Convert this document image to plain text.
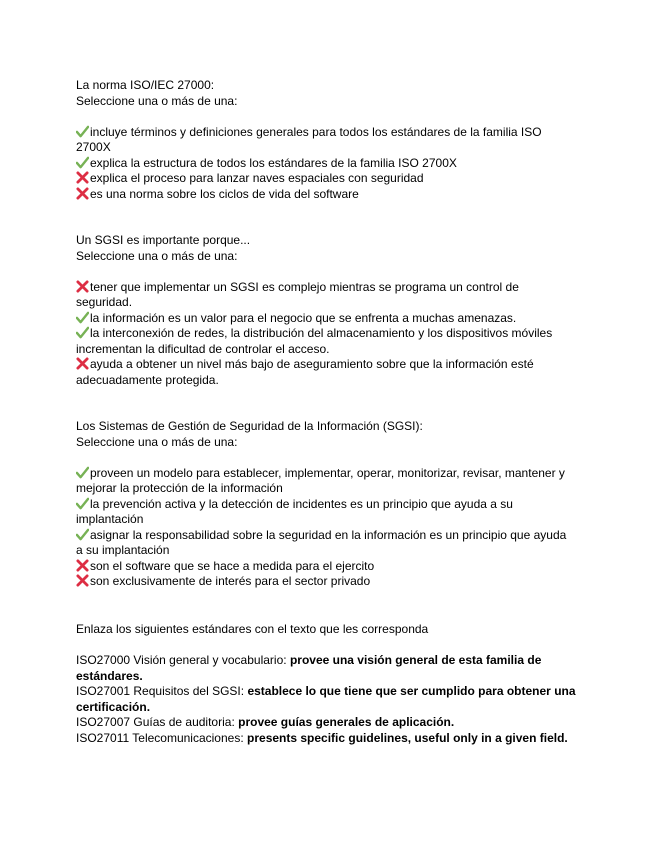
La norma ISO/IEC 27000:
Seleccione una o más de una:
incluye términos y definiciones generales para todos los estándares de la familia ISO 2700X
explica la estructura de todos los estándares de la familia ISO 2700X
explica el proceso para lanzar naves espaciales con seguridad
es una norma sobre los ciclos de vida del software
Un SGSI es importante porque...
Seleccione una o más de una:
tener que implementar un SGSI es complejo mientras se programa un control de seguridad.
la información es un valor para el negocio que se enfrenta a muchas amenazas.
la interconexión de redes, la distribución del almacenamiento y los dispositivos móviles incrementan la dificultad de controlar el acceso.
ayuda a obtener un nivel más bajo de aseguramiento sobre que la información esté adecuadamente protegida.
Los Sistemas de Gestión de Seguridad de la Información (SGSI):
Seleccione una o más de una:
proveen un modelo para establecer, implementar, operar, monitorizar, revisar, mantener y mejorar la protección de la información
la prevención activa y la detección de incidentes es un principio que ayuda a su implantación
asignar la responsabilidad sobre la seguridad en la información es un principio que ayuda a su implantación
son el software que se hace a medida para el ejercito
son exclusivamente de interés para el sector privado
Enlaza los siguientes estándares con el texto que les corresponda
ISO27000 Visión general y vocabulario: provee una visión general de esta familia de estándares.
ISO27001 Requisitos del SGSI: establece lo que tiene que ser cumplido para obtener una certificación.
ISO27007 Guías de auditoria: provee guías generales de aplicación.
ISO27011 Telecomunicaciones: presents specific guidelines, useful only in a given field.
